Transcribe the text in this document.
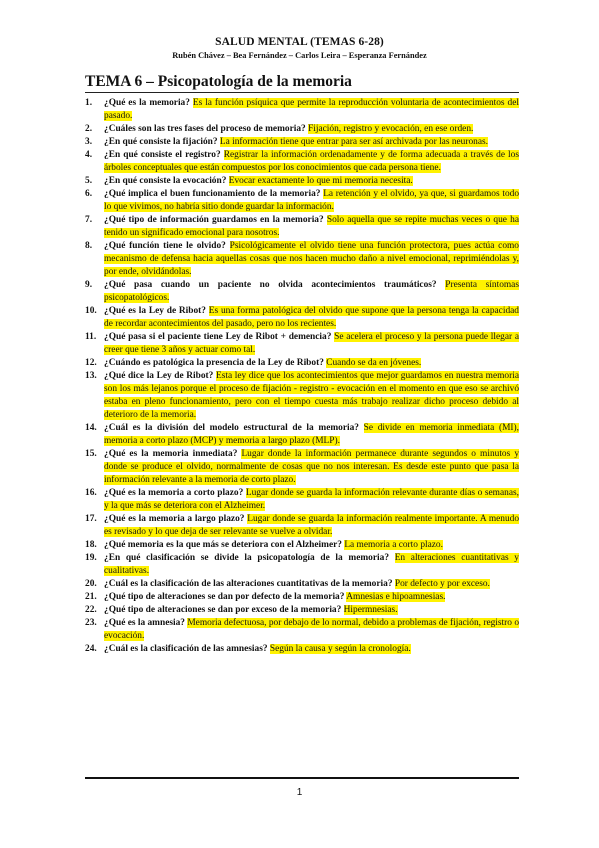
SALUD MENTAL (TEMAS 6-28)
Rubén Chávez – Bea Fernández – Carlos Leira – Esperanza Fernández
TEMA 6 – Psicopatología de la memoria
1. ¿Qué es la memoria? Es la función psíquica que permite la reproducción voluntaria de acontecimientos del pasado.
2. ¿Cuáles son las tres fases del proceso de memoria? Fijación, registro y evocación, en ese orden.
3. ¿En qué consiste la fijación? La información tiene que entrar para ser así archivada por las neuronas.
4. ¿En qué consiste el registro? Registrar la información ordenadamente y de forma adecuada a través de los árboles conceptuales que están compuestos por los conocimientos que cada persona tiene.
5. ¿En qué consiste la evocación? Evocar exactamente lo que mi memoria necesita.
6. ¿Qué implica el buen funcionamiento de la memoria? La retención y el olvido, ya que, si guardamos todo lo que vivimos, no habría sitio donde guardar la información.
7. ¿Qué tipo de información guardamos en la memoria? Solo aquella que se repite muchas veces o que ha tenido un significado emocional para nosotros.
8. ¿Qué función tiene le olvido? Psicológicamente el olvido tiene una función protectora, pues actúa como mecanismo de defensa hacia aquellas cosas que nos hacen mucho daño a nivel emocional, reprimiéndolas y, por ende, olvidándolas.
9. ¿Qué pasa cuando un paciente no olvida acontecimientos traumáticos? Presenta síntomas psicopatológicos.
10. ¿Qué es la Ley de Ribot? Es una forma patológica del olvido que supone que la persona tenga la capacidad de recordar acontecimientos del pasado, pero no los recientes.
11. ¿Qué pasa si el paciente tiene Ley de Ribot + demencia? Se acelera el proceso y la persona puede llegar a creer que tiene 3 años y actuar como tal.
12. ¿Cuándo es patológica la presencia de la Ley de Ribot? Cuando se da en jóvenes.
13. ¿Qué dice la Ley de Ribot? Esta ley dice que los acontecimientos que mejor guardamos en nuestra memoria son los más lejanos porque el proceso de fijación - registro - evocación en el momento en que eso se archivó estaba en pleno funcionamiento, pero con el tiempo cuesta más trabajo realizar dicho proceso debido al deterioro de la memoria.
14. ¿Cuál es la división del modelo estructural de la memoria? Se divide en memoria inmediata (MI), memoria a corto plazo (MCP) y memoria a largo plazo (MLP).
15. ¿Qué es la memoria inmediata? Lugar donde la información permanece durante segundos o minutos y donde se produce el olvido, normalmente de cosas que no nos interesan. Es desde este punto que pasa la información relevante a la memoria de corto plazo.
16. ¿Qué es la memoria a corto plazo? Lugar donde se guarda la información relevante durante días o semanas, y la que más se deteriora con el Alzheimer.
17. ¿Qué es la memoria a largo plazo? Lugar donde se guarda la información realmente importante. A menudo es revisado y lo que deja de ser relevante se vuelve a olvidar.
18. ¿Qué memoria es la que más se deteriora con el Alzheimer? La memoria a corto plazo.
19. ¿En qué clasificación se divide la psicopatología de la memoria? En alteraciones cuantitativas y cualitativas.
20. ¿Cuál es la clasificación de las alteraciones cuantitativas de la memoria? Por defecto y por exceso.
21. ¿Qué tipo de alteraciones se dan por defecto de la memoria? Amnesias e hipoamnesias.
22. ¿Qué tipo de alteraciones se dan por exceso de la memoria? Hipermnesias.
23. ¿Qué es la amnesia? Memoria defectuosa, por debajo de lo normal, debido a problemas de fijación, registro o evocación.
24. ¿Cuál es la clasificación de las amnesias? Según la causa y según la cronología.
1
